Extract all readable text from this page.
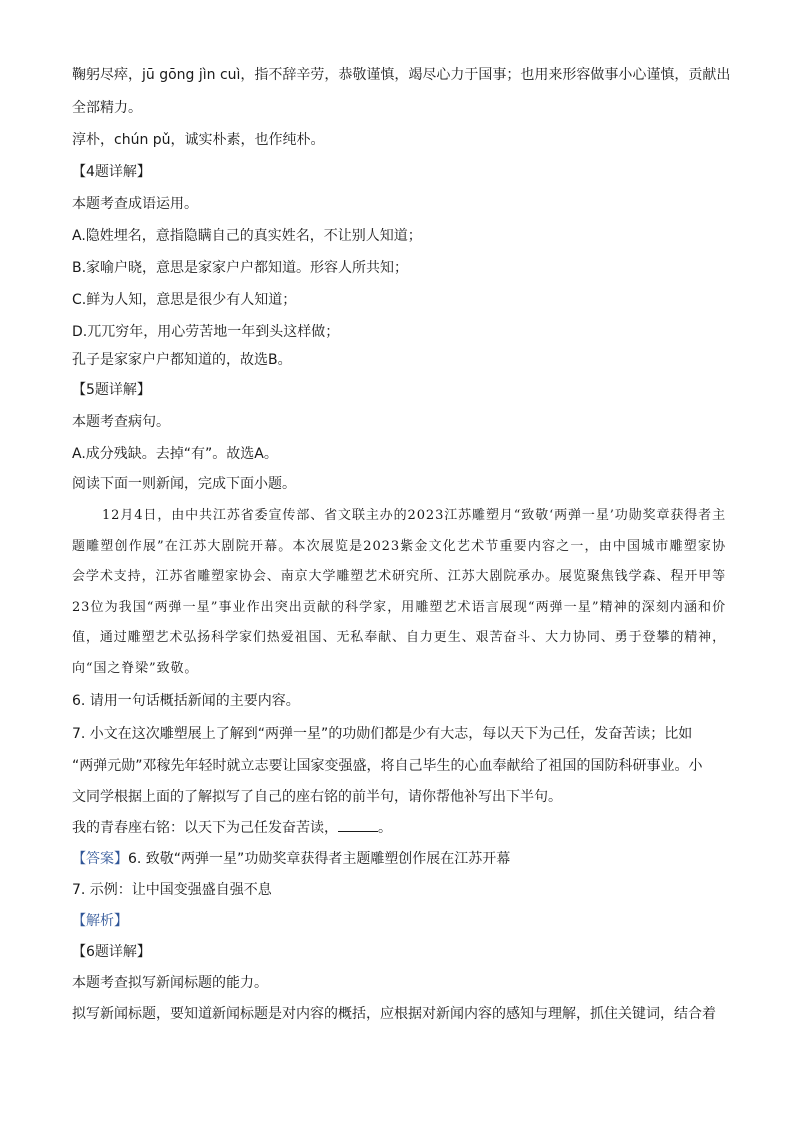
鞠躬尽瘁，jū gōng jìn cuì，指不辞辛劳，恭敬谨慎，竭尽心力于国事；也用来形容做事小心谨慎，贡献出
全部精力。
淳朴，chún pǔ，诚实朴素，也作纯朴。
【4题详解】
本题考查成语运用。
A.隐姓埋名，意指隐瞒自己的真实姓名，不让别人知道；
B.家喻户晓，意思是家家户户都知道。形容人所共知；
C.鲜为人知，意思是很少有人知道；
D.兀兀穷年，用心劳苦地一年到头这样做；
孔子是家家户户都知道的，故选B。
【5题详解】
本题考查病句。
A.成分残缺。去掉“有”。故选A。
阅读下面一则新闻，完成下面小题。
12月4日，由中共江苏省委宣传部、省文联主办的2023江苏雕塑月“致敬‘两弹一星’功勋奖章获得者主题雕塑创作展”在江苏大剧院开幕。本次展览是2023紫金文化艺术节重要内容之一，由中国城市雕塑家协会学术支持，江苏省雕塑家协会、南京大学雕塑艺术研究所、江苏大剧院承办。展览聚焦钱学森、程开甲等23位为我国“两弹一星”事业作出突出贡献的科学家，用雕塑艺术语言展现“两弹一星”精神的深刻内涵和价值，通过雕塑艺术弘扬科学家们热爱祖国、无私奉献、自力更生、艰苦奋斗、大力协同、勇于登攀的精神，向“国之脊梁”致敬。
6. 请用一句话概括新闻的主要内容。
7. 小文在这次雕塑展上了解到“两弹一星”的功勋们都是少有大志，每以天下为己任，发奋苦读；比如
“两弹元勋”邓稼先年轻时就立志要让国家变强盛，将自己毕生的心血奉献给了祖国的国防科研事业。小
文同学根据上面的了解拟写了自己的座右铭的前半句，请你帮他补写出下半句。
我的青春座右铭：以天下为己任发奋苦读，	。
【答案】6. 致敬“两弹一星”功勋奖章获得者主题雕塑创作展在江苏开幕
7. 示例：让中国变强盛自强不息
【解析】
【6题详解】
本题考查拟写新闻标题的能力。
拟写新闻标题，要知道新闻标题是对内容的概括，应根据对新闻内容的感知与理解，抓住关键词，结合着
